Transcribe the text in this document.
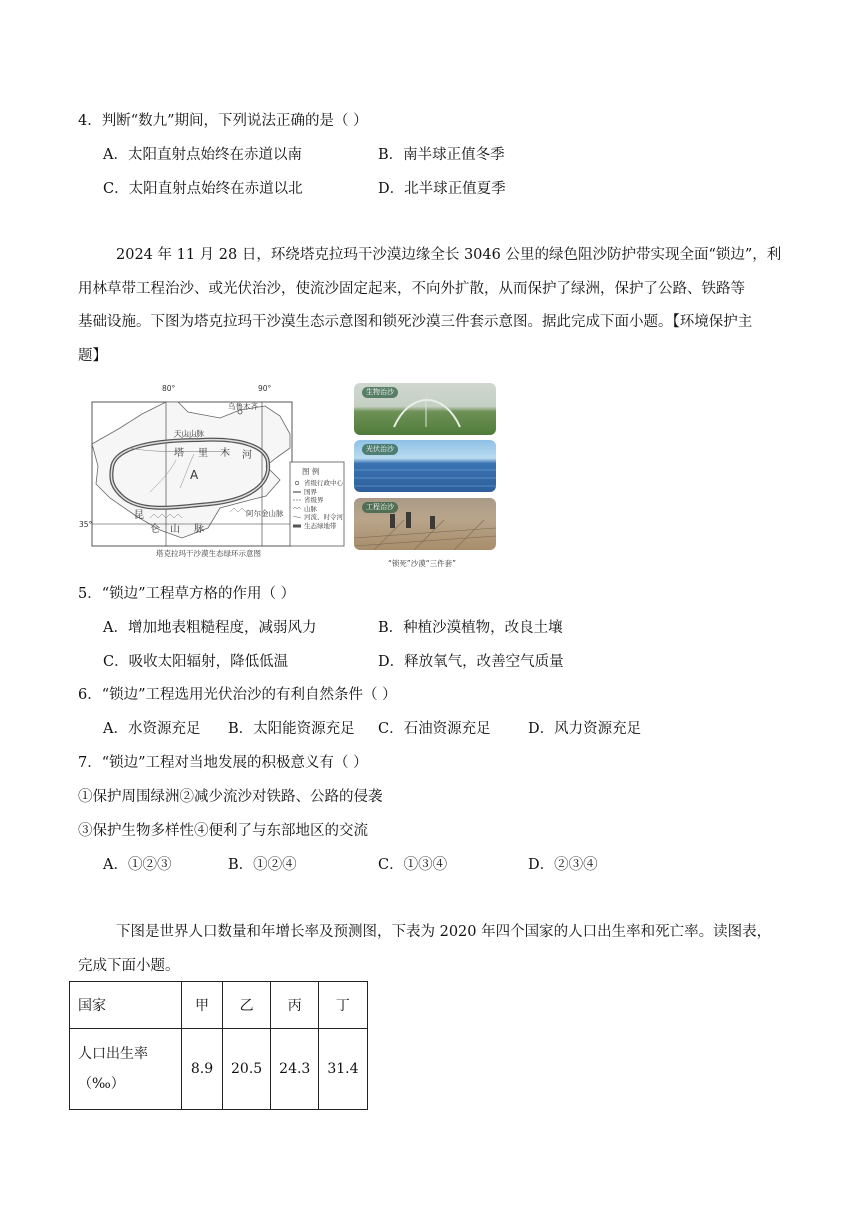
4．判断“数九”期间，下列说法正确的是（ ）
A．太阳直射点始终在赤道以南	B．南半球正值冬季
C．太阳直射点始终在赤道以北	D．北半球正值夏季
2024 年 11 月 28 日，环绕塔克拉玛干沙漠边缘全长 3046 公里的绿色阻沙防护带实现全面“锁边”，利
用林草带工程治沙、或光伏治沙，使流沙固定起来，不向外扩散，从而保护了绿洲，保护了公路、铁路等
基础设施。下图为塔克拉玛干沙漠生态示意图和锁死沙漠三件套示意图。据此完成下面小题。【环境保护主
题】
80°	90°
35°
乌鲁木齐
天山山脉
塔 里 木 河
A
昆
仑 山 脉
阿尔金山脉
图 例
省级行政中心
国界
省级界
山脉
河流、时令河
生态绿地带
塔克拉玛干沙漠生态绿环示意图
生物治沙
光伏治沙
工程治沙
“锁死”沙漠“三件套”
5．“锁边”工程草方格的作用（ ）
A．增加地表粗糙程度，减弱风力	B．种植沙漠植物，改良土壤
C．吸收太阳辐射，降低低温	D．释放氧气，改善空气质量
6．“锁边”工程选用光伏治沙的有利自然条件（ ）
A．水资源充足 B．太阳能资源充足 C．石油资源充足	D．风力资源充足
7．“锁边”工程对当地发展的积极意义有（ ）
①保护周围绿洲②减少流沙对铁路、公路的侵袭
③保护生物多样性④便利了与东部地区的交流
A．①②③	B．①②④	C．①③④	D．②③④
下图是世界人口数量和年增长率及预测图，下表为 2020 年四个国家的人口出生率和死亡率。读图表，
完成下面小题。
国家	甲	乙	丙	丁

人口出生率
（‰）	8.9	20.5	24.3	31.4
